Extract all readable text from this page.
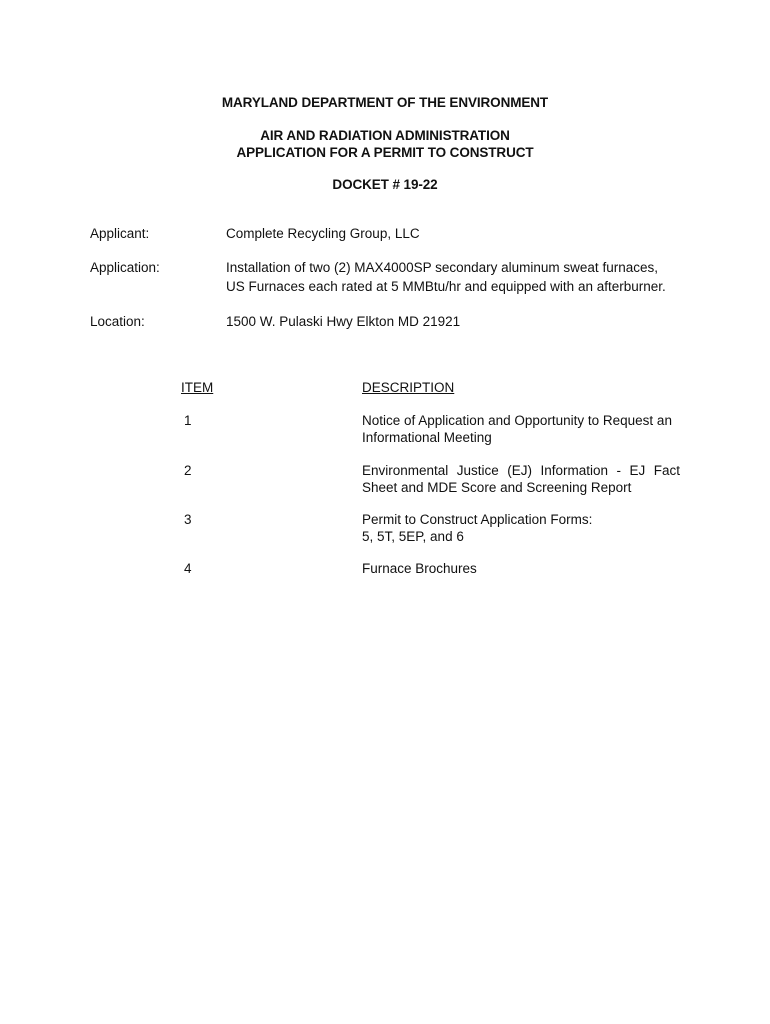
MARYLAND DEPARTMENT OF THE ENVIRONMENT
AIR AND RADIATION ADMINISTRATION
APPLICATION FOR A PERMIT TO CONSTRUCT
DOCKET # 19-22
Applicant:	Complete Recycling Group, LLC
Application:	Installation of two (2) MAX4000SP secondary aluminum sweat furnaces,
US Furnaces each rated at 5 MMBtu/hr and equipped with an afterburner.
Location:	1500 W. Pulaski Hwy Elkton MD 21921
ITEM	DESCRIPTION
1	Notice of Application and Opportunity to Request an
Informational Meeting
2	Environmental Justice (EJ) Information - EJ Fact
Sheet and MDE Score and Screening Report
3	Permit to Construct Application Forms:
5, 5T, 5EP, and 6
4	Furnace Brochures
